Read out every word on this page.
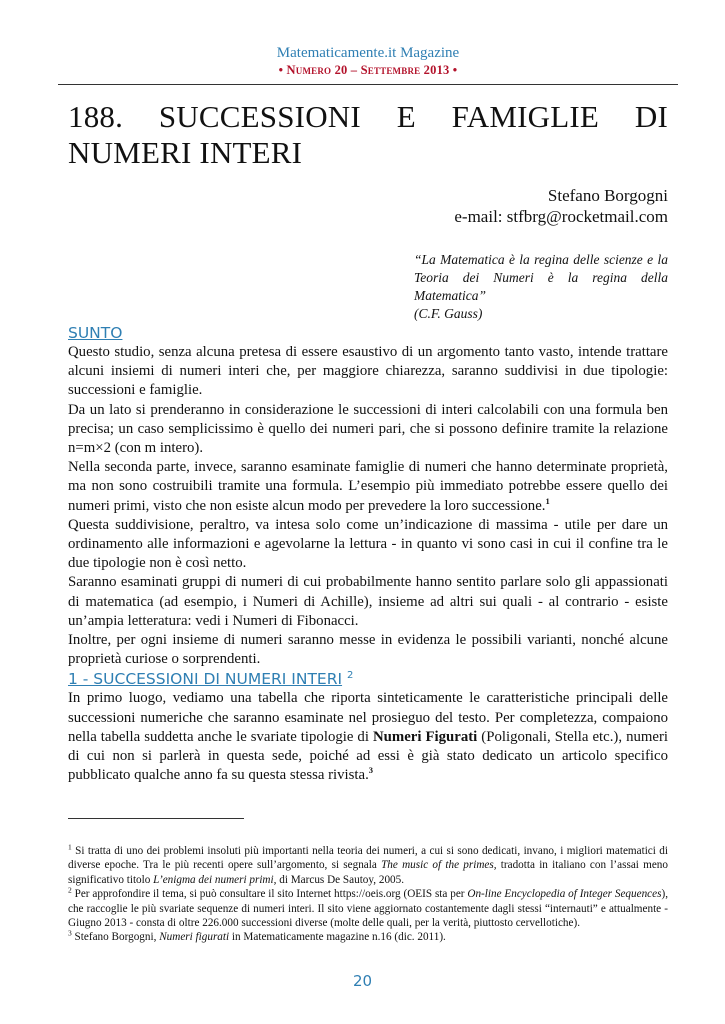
Matematicamente.it Magazine
• Numero 20 – Settembre 2013 •
188. SUCCESSIONI E FAMIGLIE DI NUMERI INTERI
Stefano Borgogni
e-mail: stfbrg@rocketmail.com
“La Matematica è la regina delle scienze e la
Teoria dei Numeri è la regina della Matematica”
(C.F. Gauss)
SUNTO

Questo studio, senza alcuna pretesa di essere esaustivo di un argomento tanto vasto, intende trattare alcuni insiemi di numeri interi che, per maggiore chiarezza, saranno suddivisi in due tipologie: successioni e famiglie.

Da un lato si prenderanno in considerazione le successioni di interi calcolabili con una formula ben precisa; un caso semplicissimo è quello dei numeri pari, che si possono definire tramite la relazione n=m×2 (con m intero).

Nella seconda parte, invece, saranno esaminate famiglie di numeri che hanno determinate proprietà, ma non sono costruibili tramite una formula. L’esempio più immediato potrebbe essere quello dei numeri primi, visto che non esiste alcun modo per prevedere la loro successione.$^1$

Questa suddivisione, peraltro, va intesa solo come un’indicazione di massima - utile per dare un ordinamento alle informazioni e agevolarne la lettura - in quanto vi sono casi in cui il confine tra le due tipologie non è così netto.

Saranno esaminati gruppi di numeri di cui probabilmente hanno sentito parlare solo gli appassionati di matematica (ad esempio, i Numeri di Achille), insieme ad altri sui quali - al contrario - esiste un’ampia letteratura: vedi i Numeri di Fibonacci.

Inoltre, per ogni insieme di numeri saranno messe in evidenza le possibili varianti, nonché alcune proprietà curiose o sorprendenti.

1 - SUCCESSIONI DI NUMERI INTERI $^2$

In primo luogo, vediamo una tabella che riporta sinteticamente le caratteristiche principali delle successioni numeriche che saranno esaminate nel prosieguo del testo. Per completezza, compaiono nella tabella suddetta anche le svariate tipologie di Numeri Figurati (Poligonali, Stella etc.), numeri di cui non si parlerà in questa sede, poiché ad essi è già stato dedicato un articolo specifico pubblicato qualche anno fa su questa stessa rivista.$^3$

$^1$ Si tratta di uno dei problemi insoluti più importanti nella teoria dei numeri, a cui si sono dedicati, invano, i migliori matematici di diverse epoche. Tra le più recenti opere sull’argomento, si segnala The music of the primes, tradotta in italiano con l’assai meno significativo titolo L’enigma dei numeri primi, di Marcus De Sautoy, 2005.

$^2$ Per approfondire il tema, si può consultare il sito Internet https://oeis.org (OEIS sta per On-line Encyclopedia of Integer Sequences), che raccoglie le più svariate sequenze di numeri interi. Il sito viene aggiornato costantemente dagli stessi “internauti” e attualmente - Giugno 2013 - consta di oltre 226.000 successioni diverse (molte delle quali, per la verità, piuttosto cervellotiche).

$^3$ Stefano Borgogni, Numeri figurati in Matematicamente magazine n.16 (dic. 2011).

20
